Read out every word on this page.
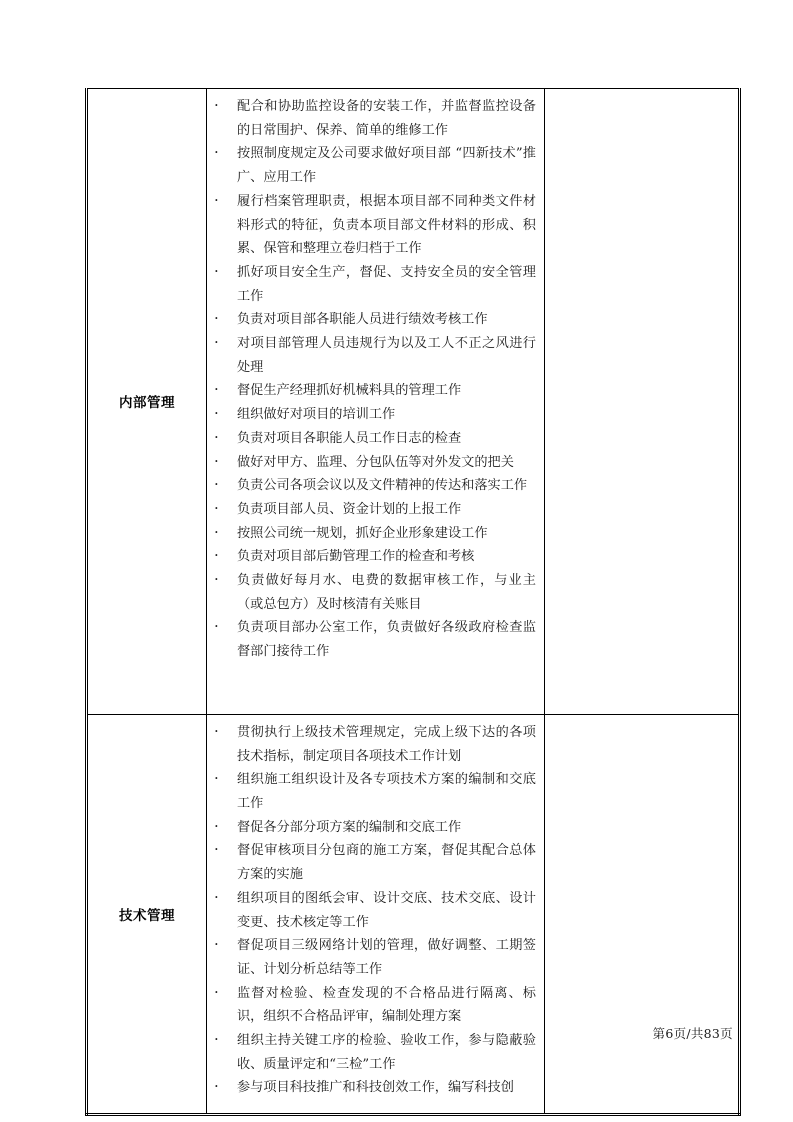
内部管理	
· 配合和协助监控设备的安装工作，并监督监控设备的日常围护、保养、简单的维修工作
· 按照制度规定及公司要求做好项目部 “四新技术”推广、应用工作
· 履行档案管理职责，根据本项目部不同种类文件材料形式的特征，负责本项目部文件材料的形成、积累、保管和整理立卷归档于工作
· 抓好项目安全生产，督促、支持安全员的安全管理工作
· 负责对项目部各职能人员进行绩效考核工作
· 对项目部管理人员违规行为以及工人不正之风进行处理
· 督促生产经理抓好机械料具的管理工作
· 组织做好对项目的培训工作
· 负责对项目各职能人员工作日志的检查
· 做好对甲方、监理、分包队伍等对外发文的把关
· 负责公司各项会议以及文件精神的传达和落实工作
· 负责项目部人员、资金计划的上报工作
· 按照公司统一规划，抓好企业形象建设工作
· 负责对项目部后勤管理工作的检查和考核
· 负责做好每月水、电费的数据审核工作，与业主（或总包方）及时核清有关账目
· 负责项目部办公室工作，负责做好各级政府检查监督部门接待工作

技术管理	
· 贯彻执行上级技术管理规定，完成上级下达的各项技术指标，制定项目各项技术工作计划
· 组织施工组织设计及各专项技术方案的编制和交底工作
· 督促各分部分项方案的编制和交底工作
· 督促审核项目分包商的施工方案，督促其配合总体方案的实施
· 组织项目的图纸会审、设计交底、技术交底、设计变更、技术核定等工作
· 督促项目三级网络计划的管理，做好调整、工期签证、计划分析总结等工作
· 监督对检验、检查发现的不合格品进行隔离、标识，组织不合格品评审，编制处理方案
· 组织主持关键工序的检验、验收工作，参与隐蔽验收、质量评定和“三检”工作
· 参与项目科技推广和科技创效工作，编写科技创

第6页/共83页
